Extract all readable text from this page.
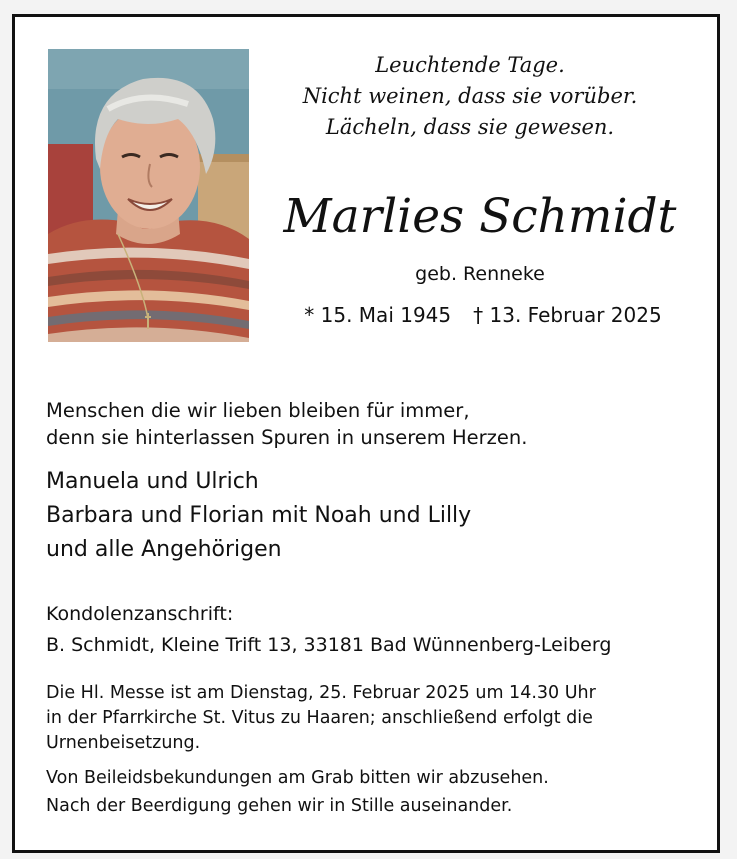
Leuchtende Tage.
Nicht weinen, dass sie vorüber.
Lächeln, dass sie gewesen.
Marlies Schmidt
geb. Renneke
* 15. Mai 1945 † 13. Februar 2025
Menschen die wir lieben bleiben für immer,
denn sie hinterlassen Spuren in unserem Herzen.
Manuela und Ulrich
Barbara und Florian mit Noah und Lilly
und alle Angehörigen
Kondolenzanschrift:
B. Schmidt, Kleine Trift 13, 33181 Bad Wünnenberg-Leiberg
Die Hl. Messe ist am Dienstag, 25. Februar 2025 um 14.30 Uhr
in der Pfarrkirche St. Vitus zu Haaren; anschließend erfolgt die
Urnenbeisetzung.
Von Beileidsbekundungen am Grab bitten wir abzusehen.
Nach der Beerdigung gehen wir in Stille auseinander.
